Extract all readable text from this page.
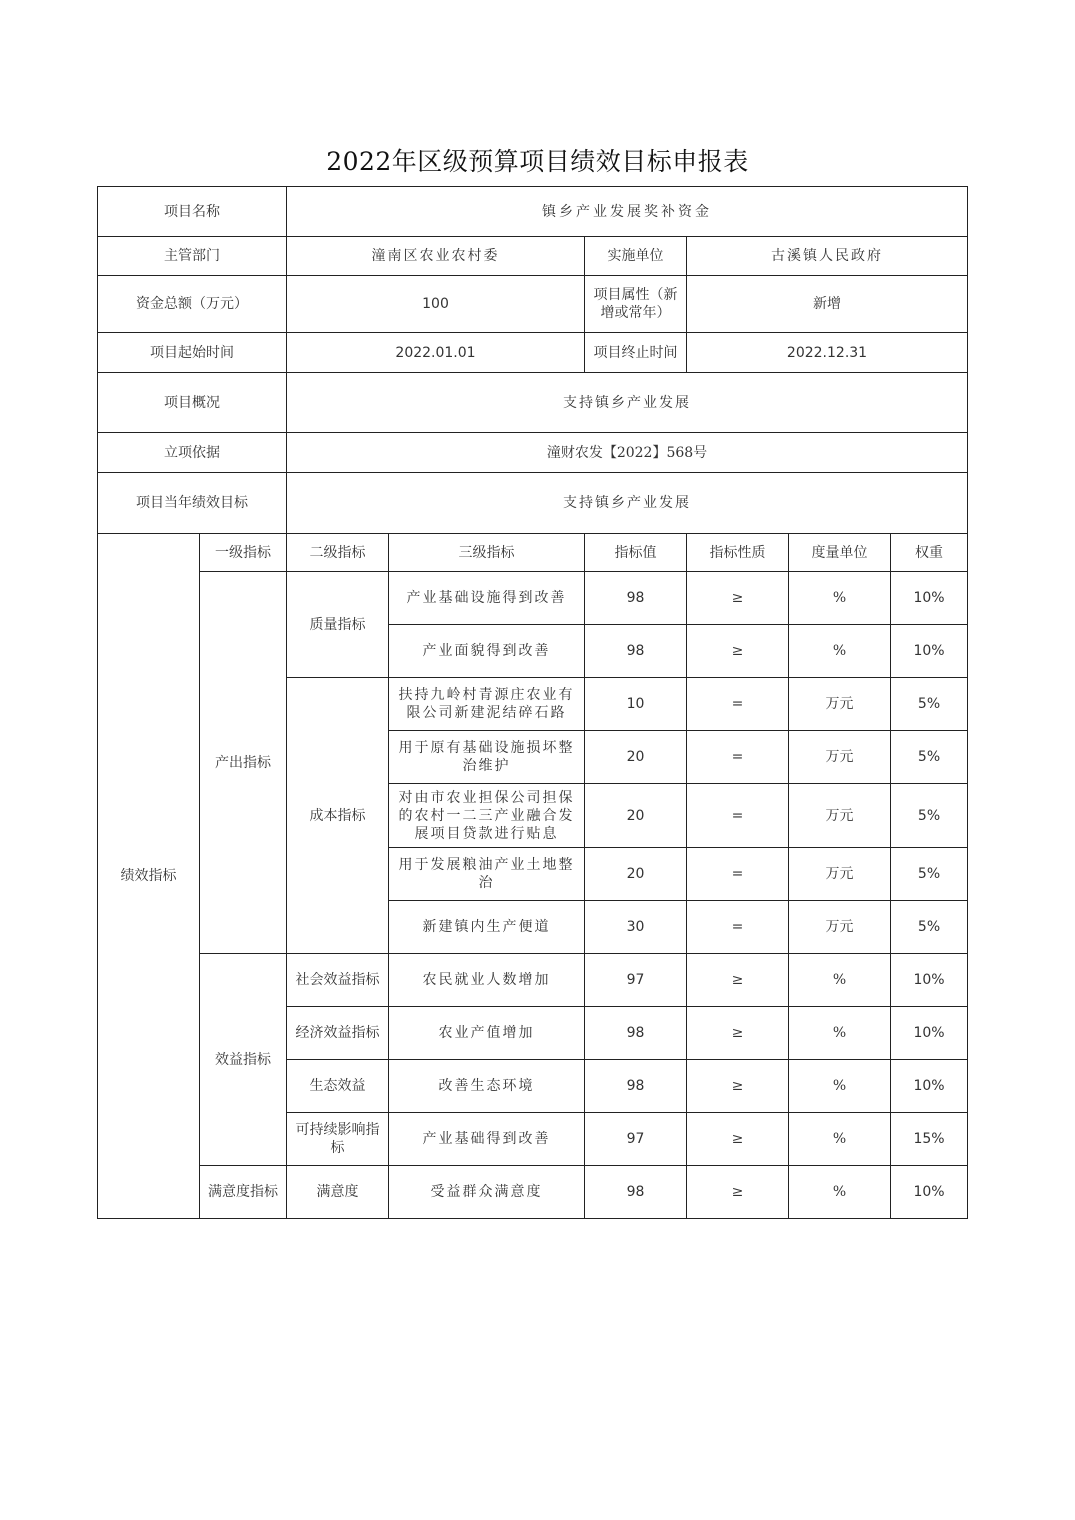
2022年区级预算项目绩效目标申报表
项目名称		镇乡产业发展奖补资金					
主管部门		潼南区农业农村委		实施单位	古溪镇人民政府		
资金总额（万元）		100		项目属性（新增或常年）	新增		
项目起始时间		2022.01.01		项目终止时间	2022.12.31		
项目概况		支持镇乡产业发展					
立项依据		潼财农发【2022】568号					
项目当年绩效目标		支持镇乡产业发展					
绩效指标	一级指标	二级指标	三级指标	指标值	指标性质	度量单位	权重
	产出指标	质量指标	产业基础设施得到改善	98	≥	%	10%
			产业面貌得到改善	98	≥	%	10%
		成本指标	扶持九岭村青源庄农业有限公司新建泥结碎石路	10	=	万元	5%
			用于原有基础设施损坏整治维护	20	=	万元	5%
			对由市农业担保公司担保的农村一二三产业融合发展项目贷款进行贴息	20	=	万元	5%
			用于发展粮油产业土地整治	20	=	万元	5%
			新建镇内生产便道	30	=	万元	5%
	效益指标	社会效益指标	农民就业人数增加	97	≥	%	10%
		经济效益指标	农业产值增加	98	≥	%	10%
		生态效益	改善生态环境	98	≥	%	10%
		可持续影响指标	产业基础得到改善	97	≥	%	15%
	满意度指标	满意度	受益群众满意度	98	≥	%	10%
